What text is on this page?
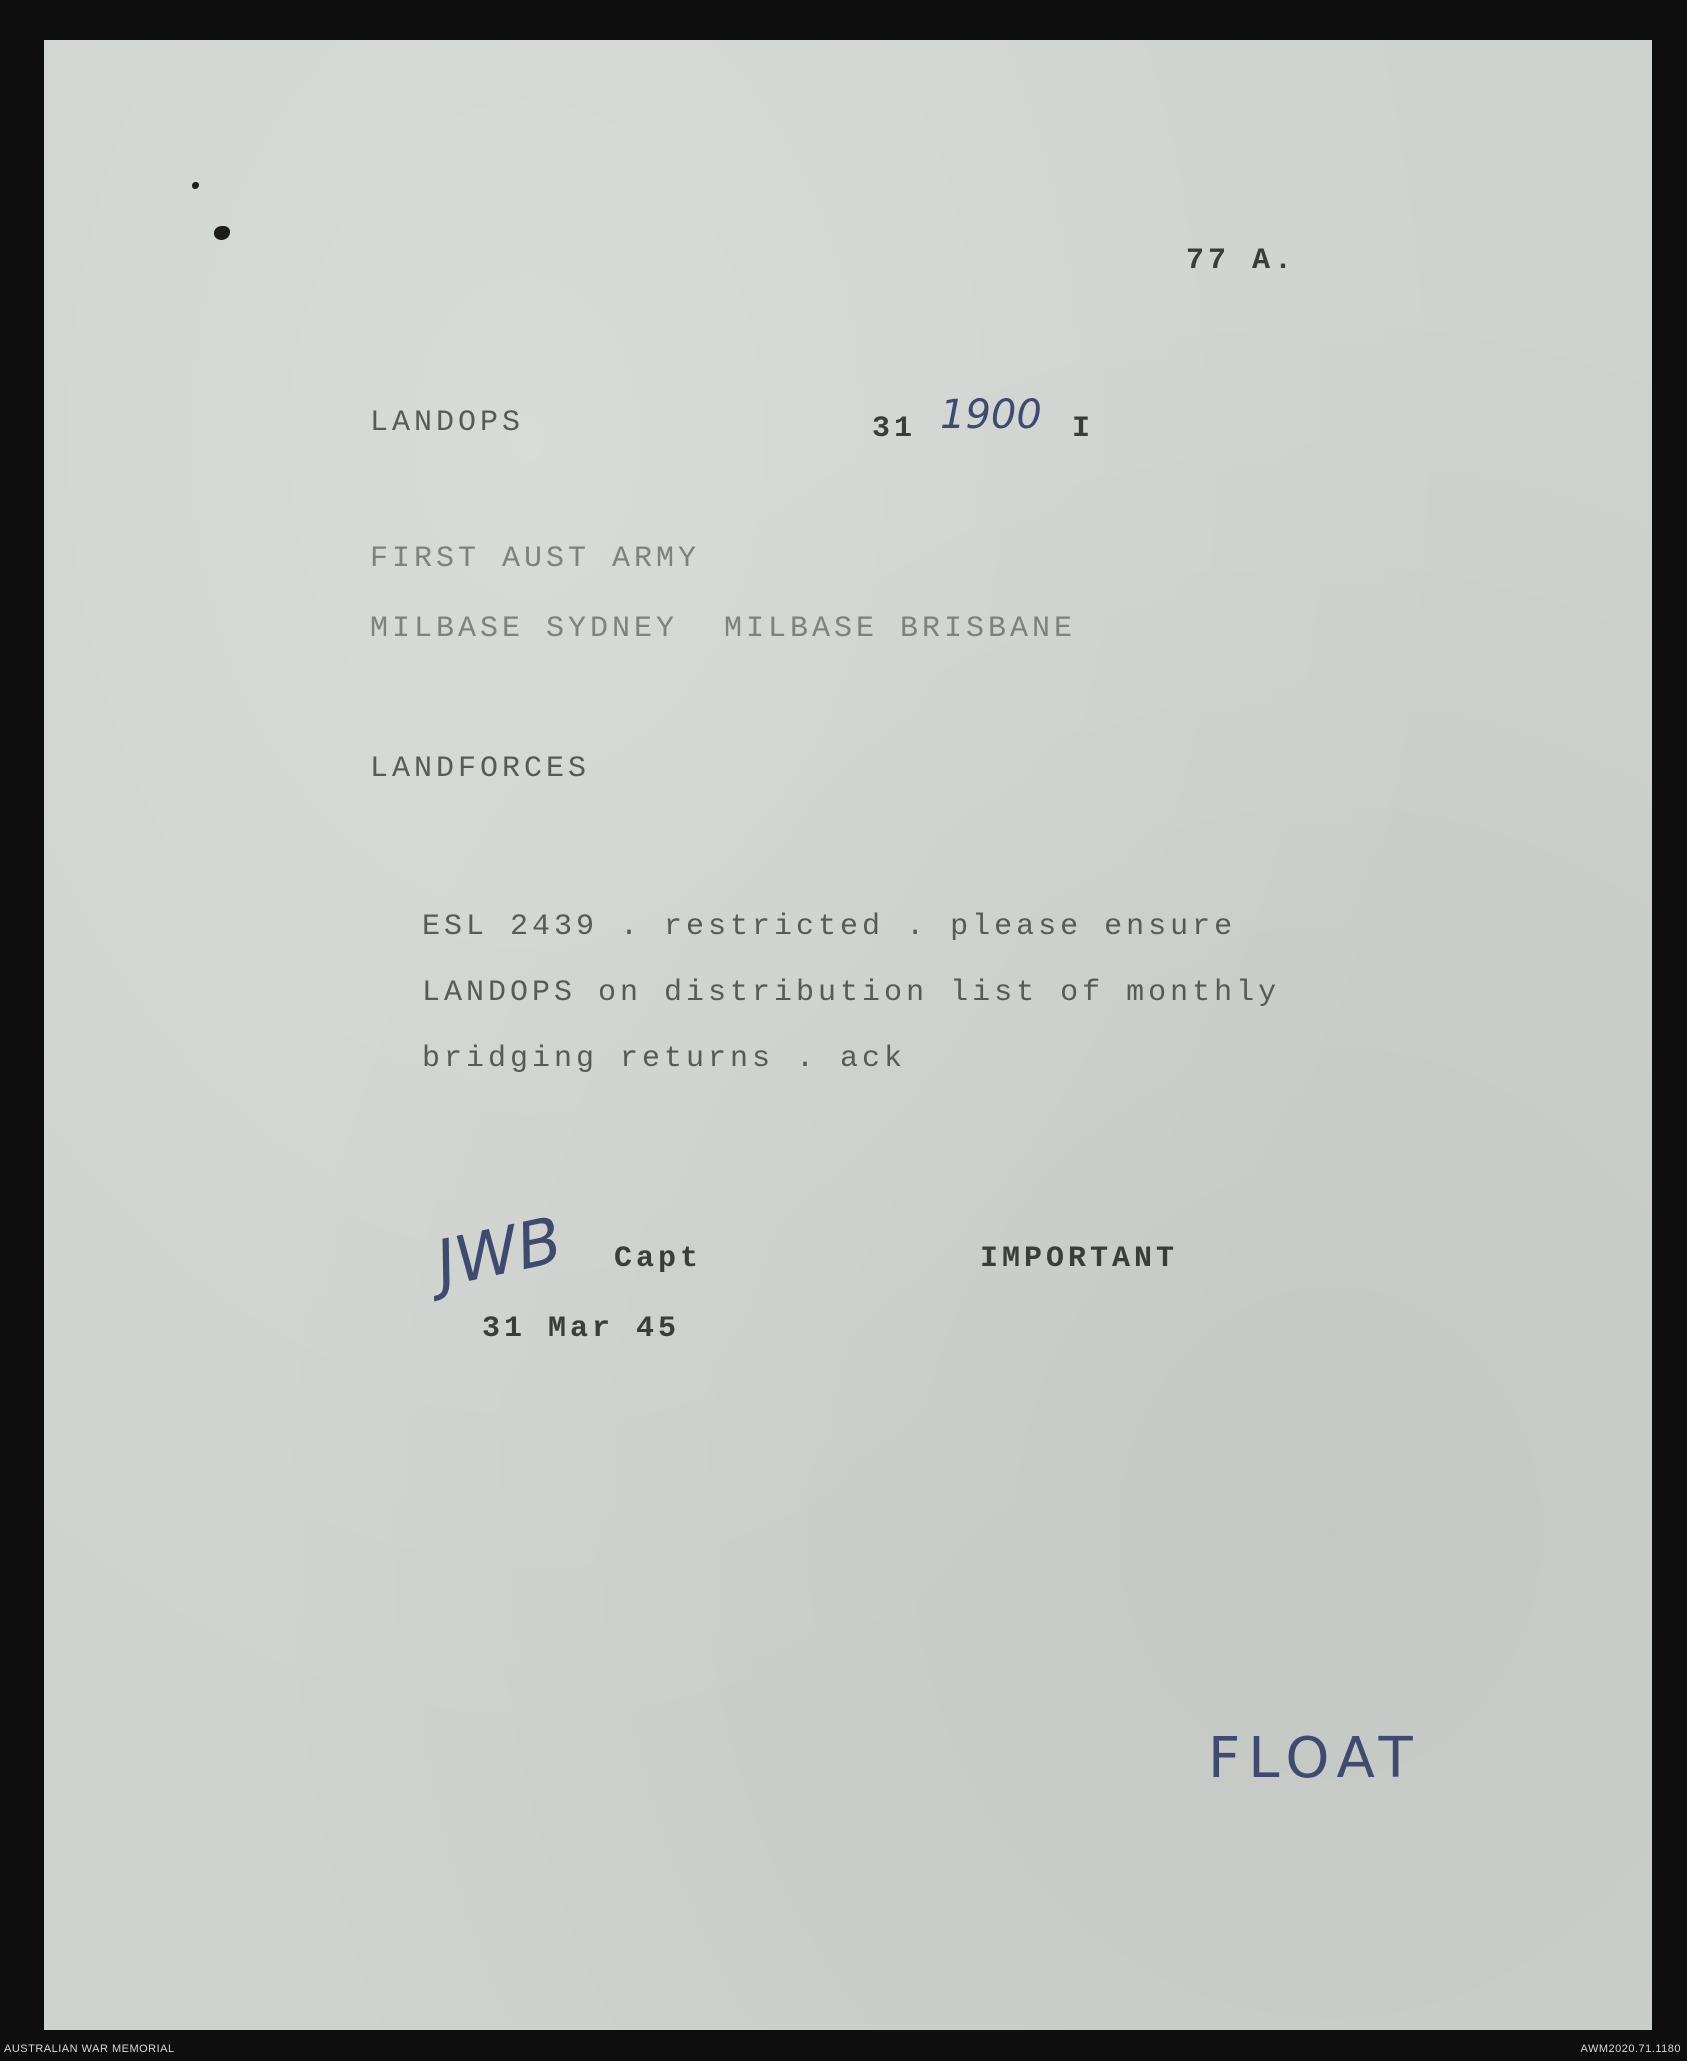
77 A.

LANDOPS	31 1900 I

FIRST AUST ARMY

MILBASE SYDNEY MILBASE BRISBANE

LANDFORCES

ESL 2439 . restricted . please ensure

LANDOPS on distribution list of monthly

bridging returns . ack

JWB Capt	IMPORTANT

31 Mar 45

FLOAT
AUSTRALIAN WAR MEMORIAL	AWM2020.71.1180
